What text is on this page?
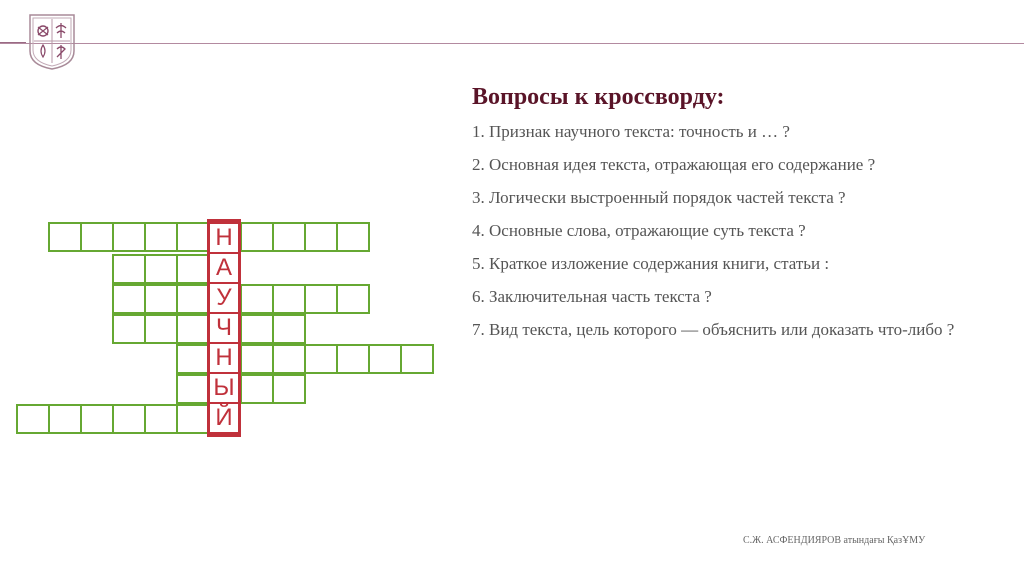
Н
А
У
Ч
Н
Ы
Й
Вопросы к кроссворду:
1. Признак научного текста: точность и … ?
2. Основная идея текста, отражающая его содержание ?
3. Логически выстроенный порядок частей текста ?
4. Основные слова, отражающие суть текста ?
5. Краткое изложение содержания книги, статьи :
6. Заключительная часть текста ?
7. Вид текста, цель которого — объяснить или доказать что-либо ?
С.Ж. АСФЕНДИЯРОВ атындағы ҚазҰМУ
